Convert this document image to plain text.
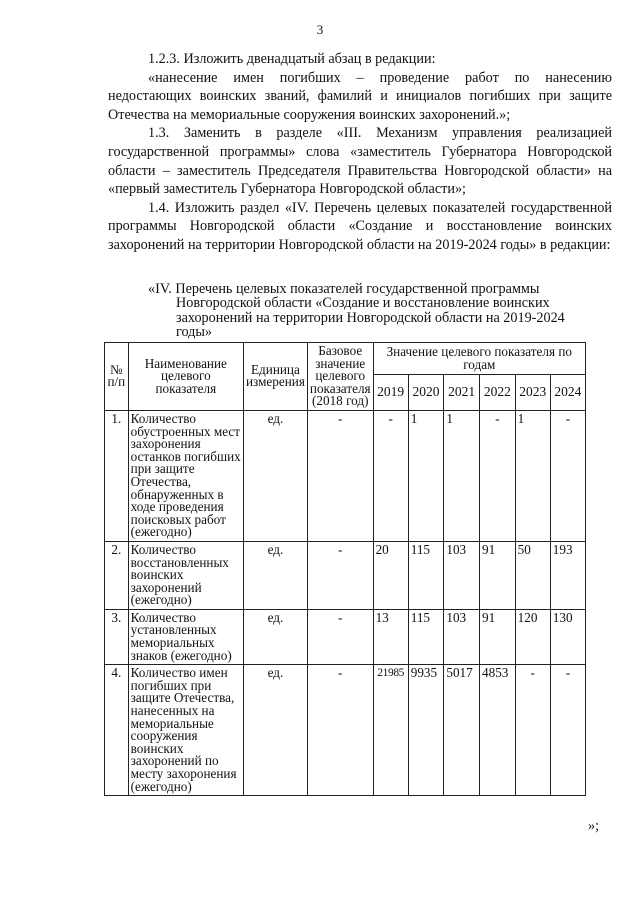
3

1.2.3. Изложить двенадцатый абзац в редакции:

«нанесение имен погибших – проведение работ по нанесению недостающих воинских званий, фамилий и инициалов погибших при защите Отечества на мемориальные сооружения воинских захоронений.»;

1.3. Заменить в разделе «III. Механизм управления реализацией государственной программы» слова «заместитель Губернатора Новгородской области – заместитель Председателя Правительства Новгородской области» на «первый заместитель Губернатора Новгородской области»;

1.4. Изложить раздел «IV. Перечень целевых показателей государственной программы Новгородской области «Создание и восстановление воинских захоронений на территории Новгородской области на 2019-2024 годы» в редакции:

«IV. Перечень целевых показателей государственной программы
Новгородской области «Создание и восстановление воинских захоронений на территории Новгородской области на 2019-2024 годы»
№ п/п	Наименование целевого показателя	Единица измерения	Базовое значение целевого показателя (2018 год)	Значение целевого показателя по годам					
				2019	2020	2021	2022	2023	2024
1.	Количество обустроенных мест захоронения останков погибших при защите Отечества, обнаруженных в ходе проведения поисковых работ (ежегодно)	ед.	-	-	1	1	-	1	-
2.	Количество восстановленных воинских захоронений (ежегодно)	ед.	-	20	115	103	91	50	193
3.	Количество установленных мемориальных знаков (ежегодно)	ед.	-	13	115	103	91	120	130
4.	Количество имен погибших при защите Отечества, нанесенных на мемориальные сооружения воинских захоронений по месту захоронения (ежегодно)	ед.	-	21985	9935	5017	4853	-	-
»;
